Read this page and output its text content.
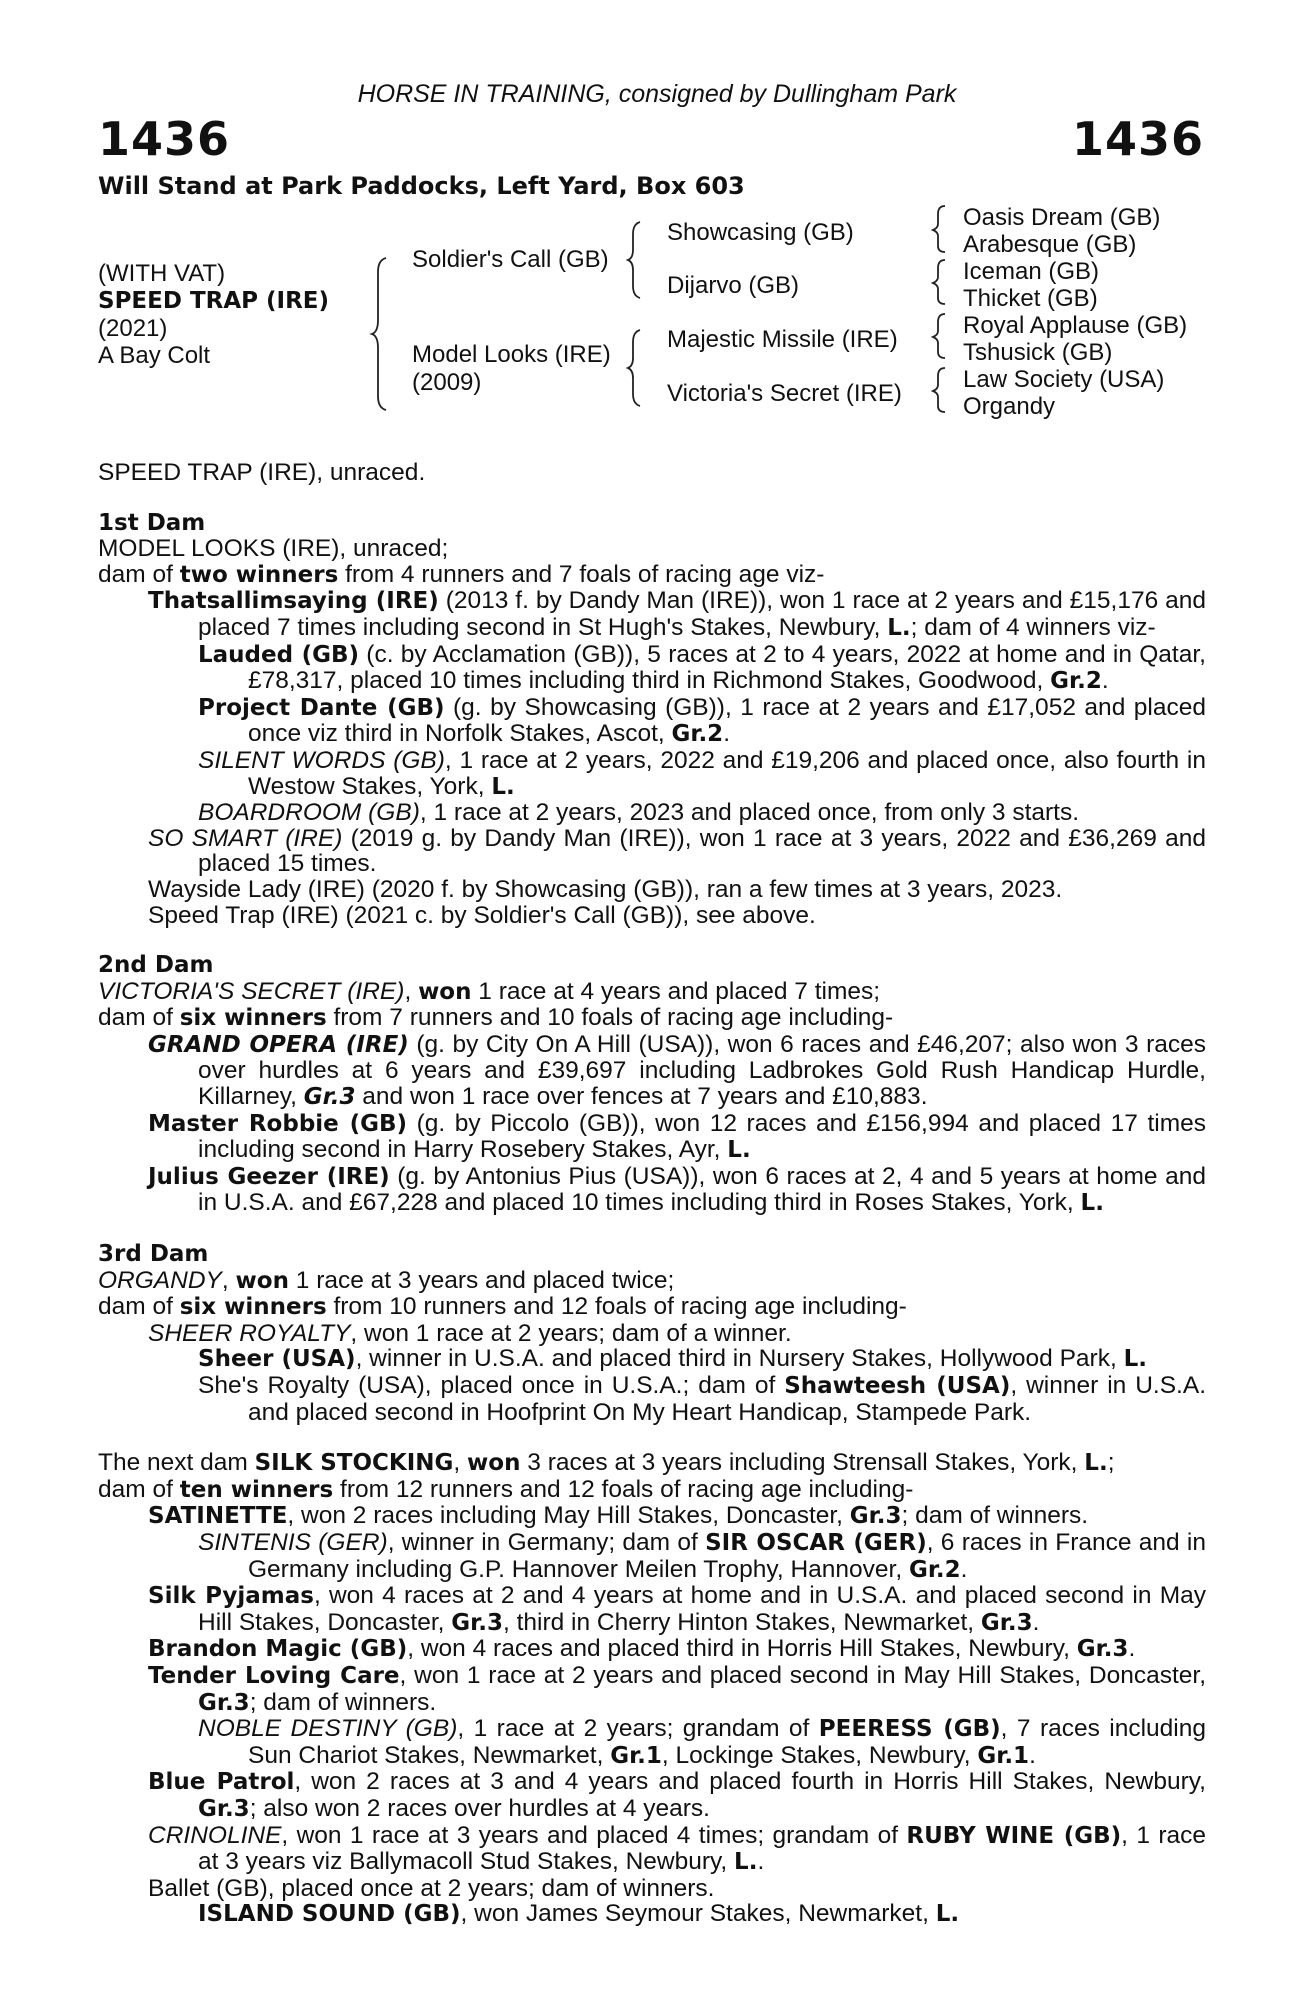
HORSE IN TRAINING, consigned by Dullingham Park
1436	1436
Will Stand at Park Paddocks, Left Yard, Box 603
(WITH VAT)
SPEED TRAP (IRE)
(2021)
A Bay Colt
Soldier's Call (GB)
Model Looks (IRE)
(2009)
Showcasing (GB)
Dijarvo (GB)
Majestic Missile (IRE)
Victoria's Secret (IRE)
Oasis Dream (GB)
Arabesque (GB)
Iceman (GB)
Thicket (GB)
Royal Applause (GB)
Tshusick (GB)
Law Society (USA)
Organdy
SPEED TRAP (IRE), unraced.
1st Dam
MODEL LOOKS (IRE), unraced;
dam of two winners from 4 runners and 7 foals of racing age viz-
Thatsallimsaying (IRE) (2013 f. by Dandy Man (IRE)), won 1 race at 2 years and £15,176 and placed 7 times including second in St Hugh's Stakes, Newbury, L.; dam of 4 winners viz-
Lauded (GB) (c. by Acclamation (GB)), 5 races at 2 to 4 years, 2022 at home and in Qatar, £78,317, placed 10 times including third in Richmond Stakes, Goodwood, Gr.2.
Project Dante (GB) (g. by Showcasing (GB)), 1 race at 2 years and £17,052 and placed once viz third in Norfolk Stakes, Ascot, Gr.2.
SILENT WORDS (GB), 1 race at 2 years, 2022 and £19,206 and placed once, also fourth in Westow Stakes, York, L.
BOARDROOM (GB), 1 race at 2 years, 2023 and placed once, from only 3 starts.
SO SMART (IRE) (2019 g. by Dandy Man (IRE)), won 1 race at 3 years, 2022 and £36,269 and placed 15 times.
Wayside Lady (IRE) (2020 f. by Showcasing (GB)), ran a few times at 3 years, 2023.
Speed Trap (IRE) (2021 c. by Soldier's Call (GB)), see above.
2nd Dam
VICTORIA'S SECRET (IRE), won 1 race at 4 years and placed 7 times;
dam of six winners from 7 runners and 10 foals of racing age including-
GRAND OPERA (IRE) (g. by City On A Hill (USA)), won 6 races and £46,207; also won 3 races over hurdles at 6 years and £39,697 including Ladbrokes Gold Rush Handicap Hurdle, Killarney, Gr.3 and won 1 race over fences at 7 years and £10,883.
Master Robbie (GB) (g. by Piccolo (GB)), won 12 races and £156,994 and placed 17 times including second in Harry Rosebery Stakes, Ayr, L.
Julius Geezer (IRE) (g. by Antonius Pius (USA)), won 6 races at 2, 4 and 5 years at home and in U.S.A. and £67,228 and placed 10 times including third in Roses Stakes, York, L.
3rd Dam
ORGANDY, won 1 race at 3 years and placed twice;
dam of six winners from 10 runners and 12 foals of racing age including-
SHEER ROYALTY, won 1 race at 2 years; dam of a winner.
Sheer (USA), winner in U.S.A. and placed third in Nursery Stakes, Hollywood Park, L.
She's Royalty (USA), placed once in U.S.A.; dam of Shawteesh (USA), winner in U.S.A. and placed second in Hoofprint On My Heart Handicap, Stampede Park.
The next dam SILK STOCKING, won 3 races at 3 years including Strensall Stakes, York, L.;
dam of ten winners from 12 runners and 12 foals of racing age including-
SATINETTE, won 2 races including May Hill Stakes, Doncaster, Gr.3; dam of winners.
SINTENIS (GER), winner in Germany; dam of SIR OSCAR (GER), 6 races in France and in Germany including G.P. Hannover Meilen Trophy, Hannover, Gr.2.
Silk Pyjamas, won 4 races at 2 and 4 years at home and in U.S.A. and placed second in May Hill Stakes, Doncaster, Gr.3, third in Cherry Hinton Stakes, Newmarket, Gr.3.
Brandon Magic (GB), won 4 races and placed third in Horris Hill Stakes, Newbury, Gr.3.
Tender Loving Care, won 1 race at 2 years and placed second in May Hill Stakes, Doncaster, Gr.3; dam of winners.
NOBLE DESTINY (GB), 1 race at 2 years; grandam of PEERESS (GB), 7 races including Sun Chariot Stakes, Newmarket, Gr.1, Lockinge Stakes, Newbury, Gr.1.
Blue Patrol, won 2 races at 3 and 4 years and placed fourth in Horris Hill Stakes, Newbury, Gr.3; also won 2 races over hurdles at 4 years.
CRINOLINE, won 1 race at 3 years and placed 4 times; grandam of RUBY WINE (GB), 1 race at 3 years viz Ballymacoll Stud Stakes, Newbury, L..
Ballet (GB), placed once at 2 years; dam of winners.
ISLAND SOUND (GB), won James Seymour Stakes, Newmarket, L.
